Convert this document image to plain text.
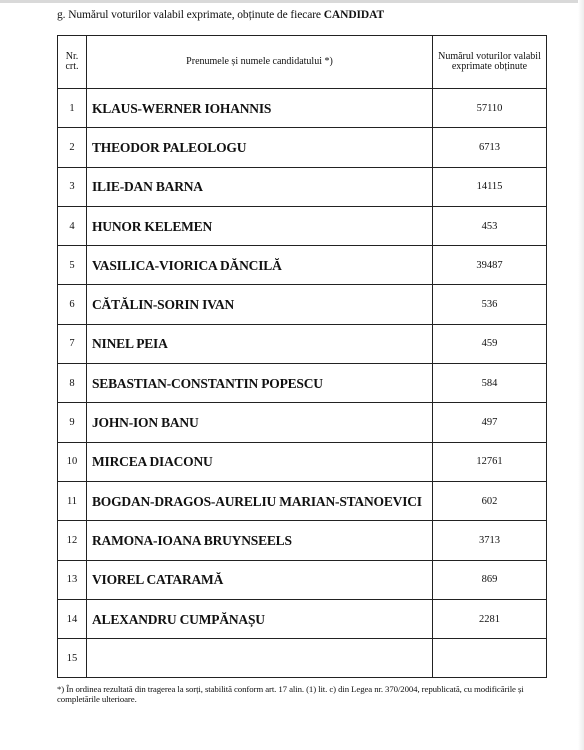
g. Numărul voturilor valabil exprimate, obținute de fiecare CANDIDAT
Nr. crt.	Prenumele și numele candidatului *)	Numărul voturilor valabil exprimate obținute
1	KLAUS-WERNER IOHANNIS	57110
2	THEODOR PALEOLOGU	6713
3	ILIE-DAN BARNA	14115
4	HUNOR KELEMEN	453
5	VASILICA-VIORICA DĂNCILĂ	39487
6	CĂTĂLIN-SORIN IVAN	536
7	NINEL PEIA	459
8	SEBASTIAN-CONSTANTIN POPESCU	584
9	JOHN-ION BANU	497
10	MIRCEA DIACONU	12761
11	BOGDAN-DRAGOS-AURELIU MARIAN-STANOEVICI	602
12	RAMONA-IOANA BRUYNSEELS	3713
13	VIOREL CATARAMĂ	869
14	ALEXANDRU CUMPĂNAȘU	2281
15		
*) În ordinea rezultată din tragerea la sorți, stabilită conform art. 17 alin. (1) lit. c) din Legea nr. 370/2004, republicată, cu modificările și completările ulterioare.
